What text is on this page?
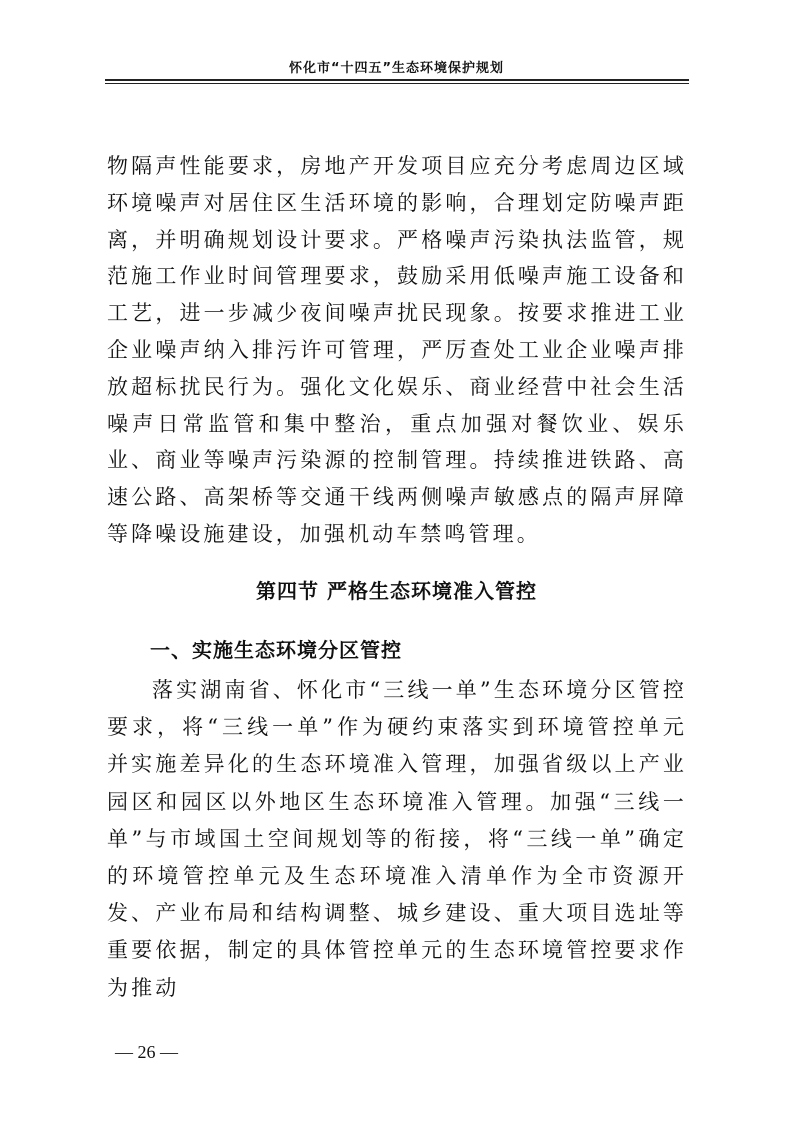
怀化市“十四五”生态环境保护规划

物隔声性能要求，房地产开发项目应充分考虑周边区域环境噪声对居住区生活环境的影响，合理划定防噪声距离，并明确规划设计要求。严格噪声污染执法监管，规范施工作业时间管理要求，鼓励采用低噪声施工设备和工艺，进一步减少夜间噪声扰民现象。按要求推进工业企业噪声纳入排污许可管理，严厉查处工业企业噪声排放超标扰民行为。强化文化娱乐、商业经营中社会生活噪声日常监管和集中整治，重点加强对餐饮业、娱乐业、商业等噪声污染源的控制管理。持续推进铁路、高速公路、高架桥等交通干线两侧噪声敏感点的隔声屏障等降噪设施建设，加强机动车禁鸣管理。

第四节 严格生态环境准入管控
一、实施生态环境分区管控

落实湖南省、怀化市“三线一单”生态环境分区管控要求，将“三线一单”作为硬约束落实到环境管控单元并实施差异化的生态环境准入管理，加强省级以上产业园区和园区以外地区生态环境准入管理。加强“三线一单”与市域国土空间规划等的衔接，将“三线一单”确定的环境管控单元及生态环境准入清单作为全市资源开发、产业布局和结构调整、城乡建设、重大项目选址等重要依据，制定的具体管控单元的生态环境管控要求作为推动

— 26 —
